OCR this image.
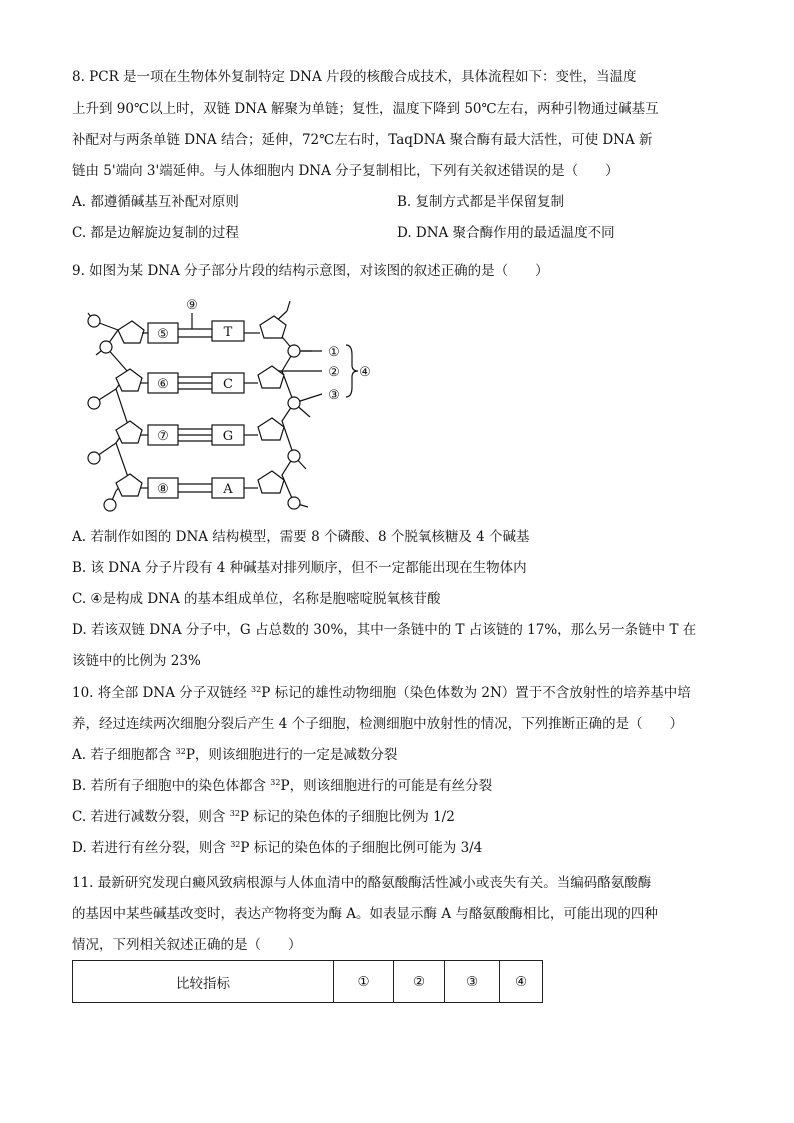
8. PCR 是一项在生物体外复制特定 DNA 片段的核酸合成技术，具体流程如下：变性，当温度
上升到 90℃以上时，双链 DNA 解聚为单链；复性，温度下降到 50℃左右，两种引物通过碱基互
补配对与两条单链 DNA 结合；延伸，72℃左右时，TaqDNA 聚合酶有最大活性，可使 DNA 新
链由 5'端向 3'端延伸。与人体细胞内 DNA 分子复制相比，下列有关叙述错误的是（　　）
A. 都遵循碱基互补配对原则	B. 复制方式都是半保留复制
C. 都是边解旋边复制的过程	D. DNA 聚合酶作用的最适温度不同
9. 如图为某 DNA 分子部分片段的结构示意图，对该图的叙述正确的是（　　）
⑤
⑥
⑦
⑧
T
C
G
A
⑨
①
②
③
④
A. 若制作如图的 DNA 结构模型，需要 8 个磷酸、8 个脱氧核糖及 4 个碱基
B. 该 DNA 分子片段有 4 种碱基对排列顺序，但不一定都能出现在生物体内
C. ④是构成 DNA 的基本组成单位，名称是胞嘧啶脱氧核苷酸
D. 若该双链 DNA 分子中，G 占总数的 30%，其中一条链中的 T 占该链的 17%，那么另一条链中 T 在
该链中的比例为 23%
10. 将全部 DNA 分子双链经 $^{32}$P 标记的雄性动物细胞（染色体数为 2N）置于不含放射性的培养基中培
养，经过连续两次细胞分裂后产生 4 个子细胞，检测细胞中放射性的情况，下列推断正确的是（　　）
A. 若子细胞都含 $^{32}$P，则该细胞进行的一定是减数分裂
B. 若所有子细胞中的染色体都含 $^{32}$P，则该细胞进行的可能是有丝分裂
C. 若进行减数分裂，则含 $^{32}$P 标记的染色体的子细胞比例为 1/2
D. 若进行有丝分裂，则含 $^{32}$P 标记的染色体的子细胞比例可能为 3/4
11. 最新研究发现白癜风致病根源与人体血清中的酪氨酸酶活性减小或丧失有关。当编码酪氨酸酶
的基因中某些碱基改变时，表达产物将变为酶 A。如表显示酶 A 与酪氨酸酶相比，可能出现的四种
情况，下列相关叙述正确的是（　　）
比较指标	①	②	③	④
